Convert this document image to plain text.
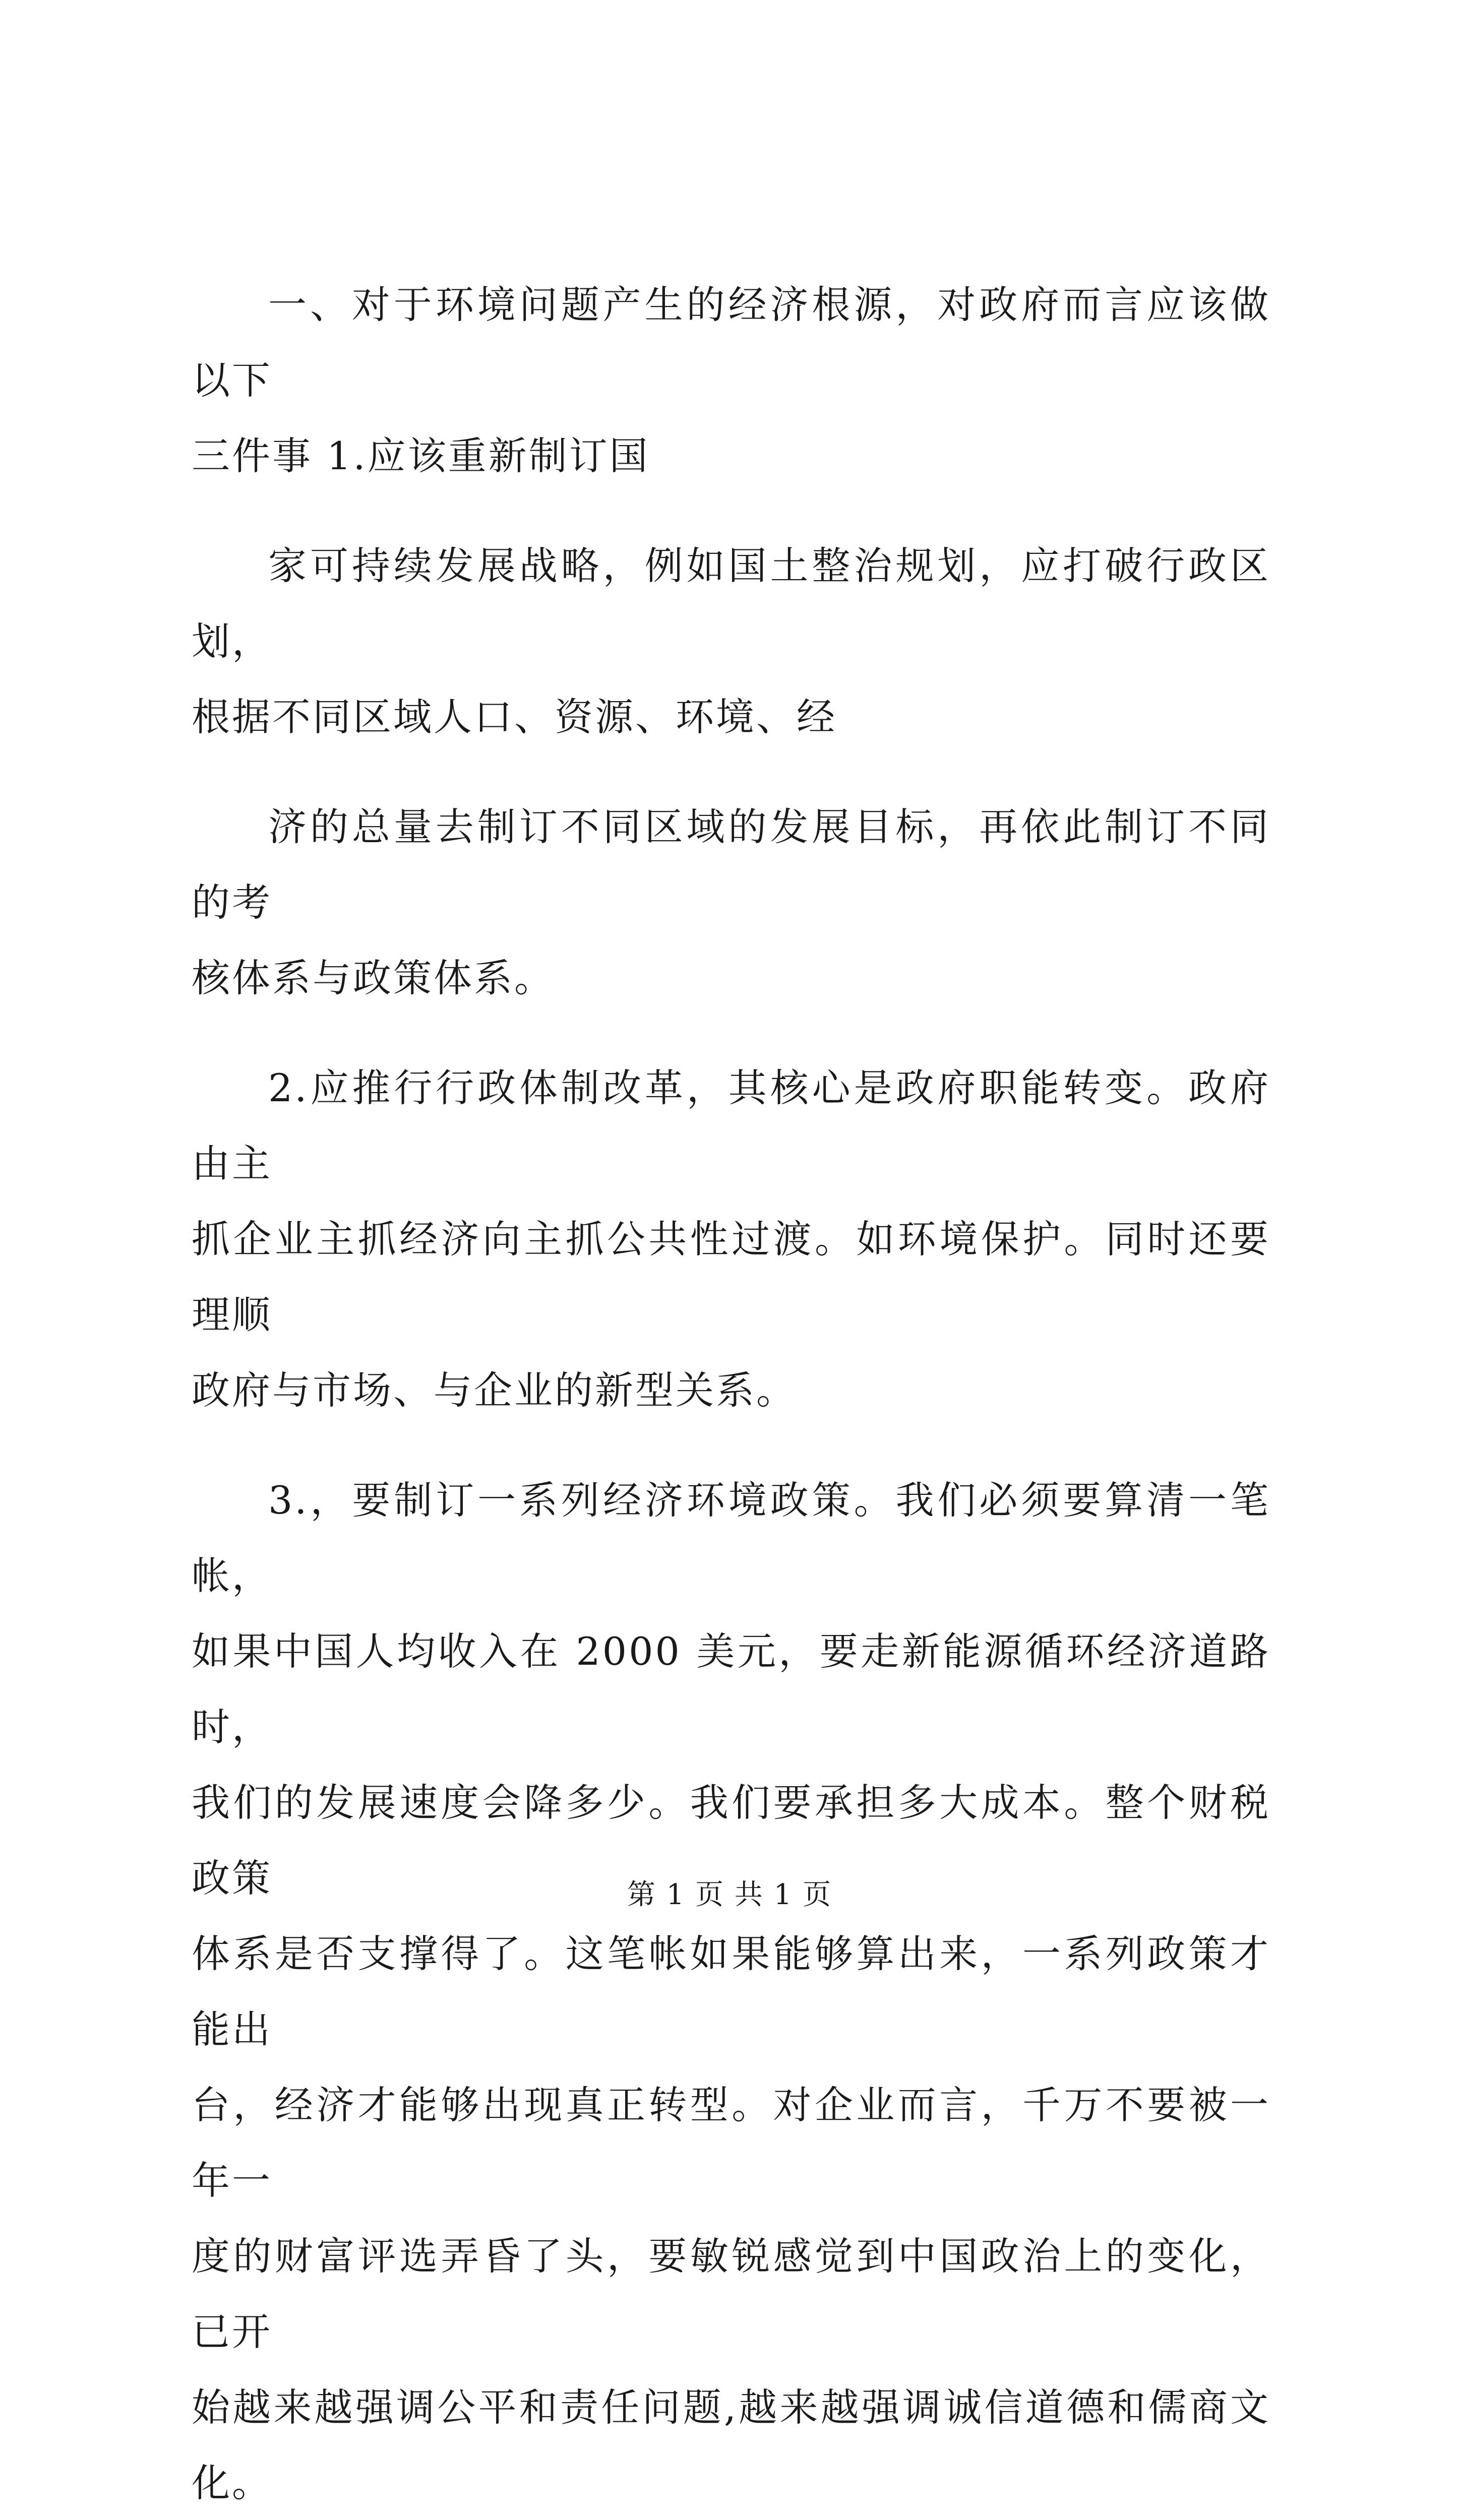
一、对于环境问题产生的经济根源，对政府而言应该做以下
三件事 1.应该重新制订国

家可持续发展战略，例如国土整治规划，应打破行政区划，
根据不同区域人口、资源、环境、经

济的总量去制订不同区域的发展目标，再依此制订不同的考
核体系与政策体系。

2.应推行行政体制改革，其核心是政府职能转变。政府由主
抓企业主抓经济向主抓公共性过渡。如环境保护。同时还要理顺
政府与市场、与企业的新型关系。

3.，要制订一系列经济环境政策。我们必须要算清一笔帐，
如果中国人均收入在 2000 美元，要走新能源循环经济道路时，
我们的发展速度会降多少。我们要承担多大成本。整个财税政策
体系是否支撑得了。这笔帐如果能够算出来，一系列政策才能出
台，经济才能够出现真正转型。对企业而言，千万不要被一年一
度的财富评选弄昏了头，要敏锐感觉到中国政治上的变化，已开
始越来越强调公平和责任问题,越来越强调诚信道德和儒商文化。

第 1 页 共 1 页
